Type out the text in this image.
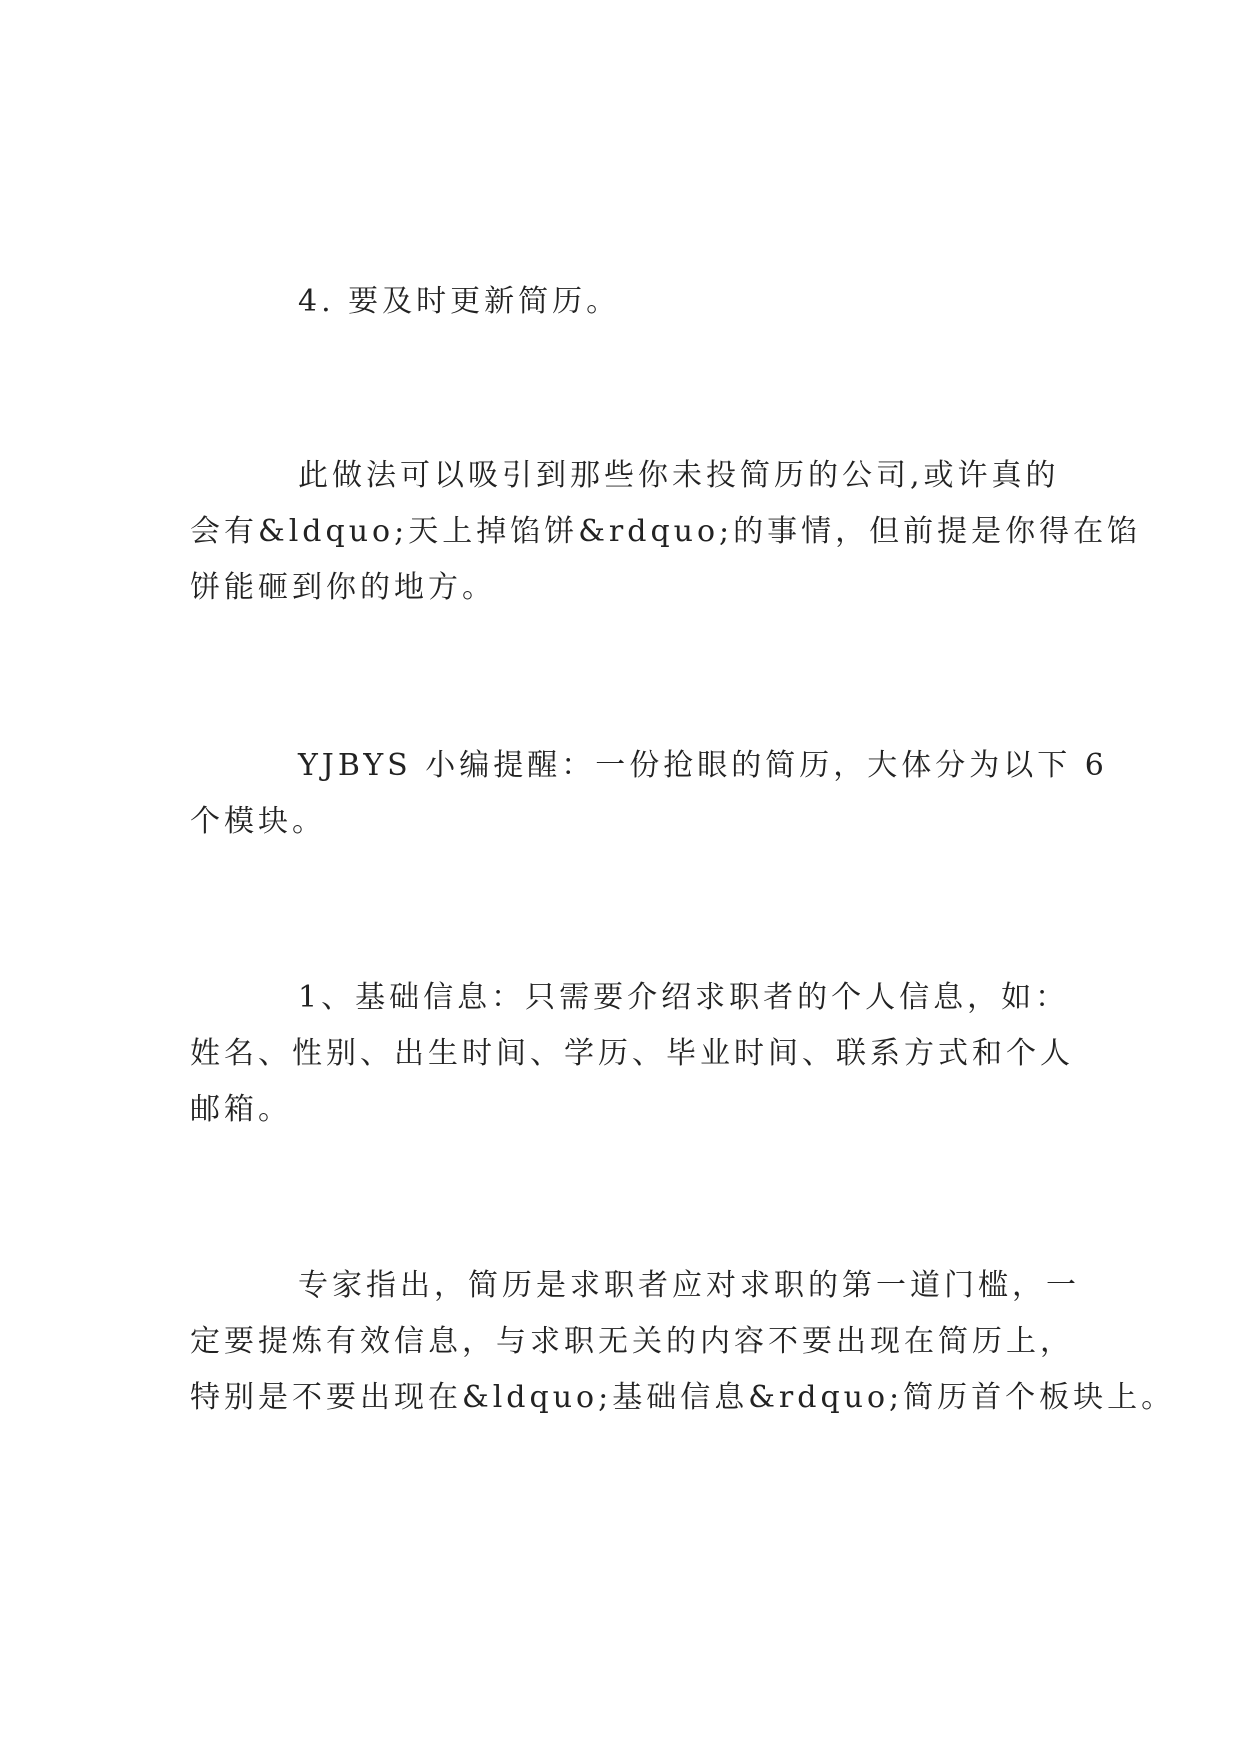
4. 要及时更新简历。
此做法可以吸引到那些你未投简历的公司,或许真的
会有&ldquo;天上掉馅饼&rdquo;的事情，但前提是你得在馅
饼能砸到你的地方。
YJBYS 小编提醒：一份抢眼的简历，大体分为以下 6
个模块。
1、基础信息：只需要介绍求职者的个人信息，如：
姓名、性别、出生时间、学历、毕业时间、联系方式和个人
邮箱。
专家指出，简历是求职者应对求职的第一道门槛，一
定要提炼有效信息，与求职无关的内容不要出现在简历上，
特别是不要出现在&ldquo;基础信息&rdquo;简历首个板块上。
